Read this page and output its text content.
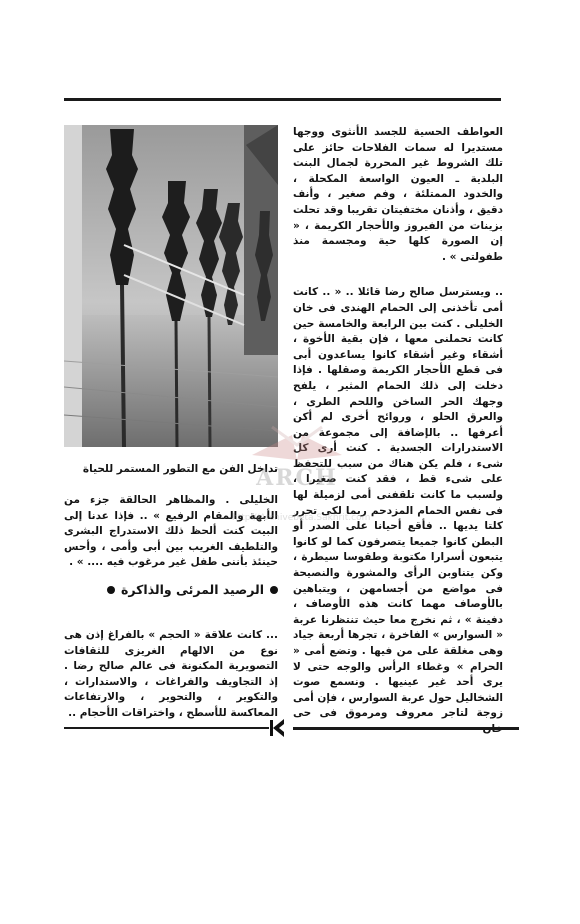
تداخل الفن مع التطور المستمر للحياة

العواطف الحسية للجسد الأنثوى ووجها مستديرا له سمات الفلاحات حائز على تلك الشروط غير المحررة لجمال البنت البلدية ـ العيون الواسعة المكحلة ، والخدود الممتلئة ، وفم صغير ، وأنف دقيق ، وأذنان مختفيتان تقريبا وقد تحلت بزينات من الفيروز والأحجار الكريمة ، « إن الصورة كلها حية ومجسمة منذ طفولتى » .

.. ويسترسل صالح رضا قائلا .. « .. كانت أمى تأخذنى إلى الحمام الهندى فى خان الخليلى . كنت بين الرابعة والخامسة حين كانت تحملنى معها ، فإن بقية الأخوة ، أشقاء وغير أشقاء كانوا يساعدون أبى فى قطع الأحجار الكريمة وصقلها . فإذا دخلت إلى ذلك الحمام المثير ، يلفح وجهك الحر الساخن واللحم الطرى ، والعرق الحلو ، وروائح أخرى لم أكن أعرفها .. بالإضافة إلى مجموعة من الاستدرارات الجسدية . كنت أرى كل شىء ، فلم يكن هناك من سبب للتحفظ على شىء قط ، فقد كنت صغيرا ، ولسبب ما كانت تلقفنى أمى لزميلة لها فى نفس الحمام المزدحم ربما لكى تحرر كلتا يديها .. فأقع أحيانا على الصدر أو البطن كانوا جميعا يتصرفون كما لو كانوا يتبعون أسرارا مكتوبة وطقوسا سيطرة ، وكن يتناوبن الرأى والمشورة والنصيحة فى مواضع من أجسامهن ، ويتباهين بالأوصاف مهما كانت هذه الأوصاف ، دفينة » ، ثم نخرج معا حيث تنتظرنا عربة « السوارس » الفاخرة ، تجرها أربعة جياد وهى مغلقة على من فيها . وتضع أمى « الحرام » وغطاء الرأس والوجه حتى لا يرى أحد غير عينيها . ونسمع صوت الشخاليل حول عربة السوارس ، فإن أمى زوجة لتاجر معروف ومرموق فى حى

الخليلى . والمظاهر الحالقة جزء من الأبهة والمقام الرفيع » .. فإذا عدنا إلى البيت كنت ألحظ ذلك الاستدراج البشرى والتلطيف الغريب بين أبى وأمى ، وأحس حينئذ بأننى طفل غير مرغوب فيه .... » .

الرصيد المرئى والذاكرة

... كانت علاقة « الحجم » بالفراغ إذن هى نوع من الالهام الغريزى للثقافات التصويرية المكنونة فى عالم صالح رضا . إذ التجاويف والفراغات ، والاستدارات ، والتكوير ، والتحوير ، والارتفاعات المعاكسة للأسطح ، واختراقات الأحجام ..

ARCH
http://Archivebeta.Sakhrit.com
